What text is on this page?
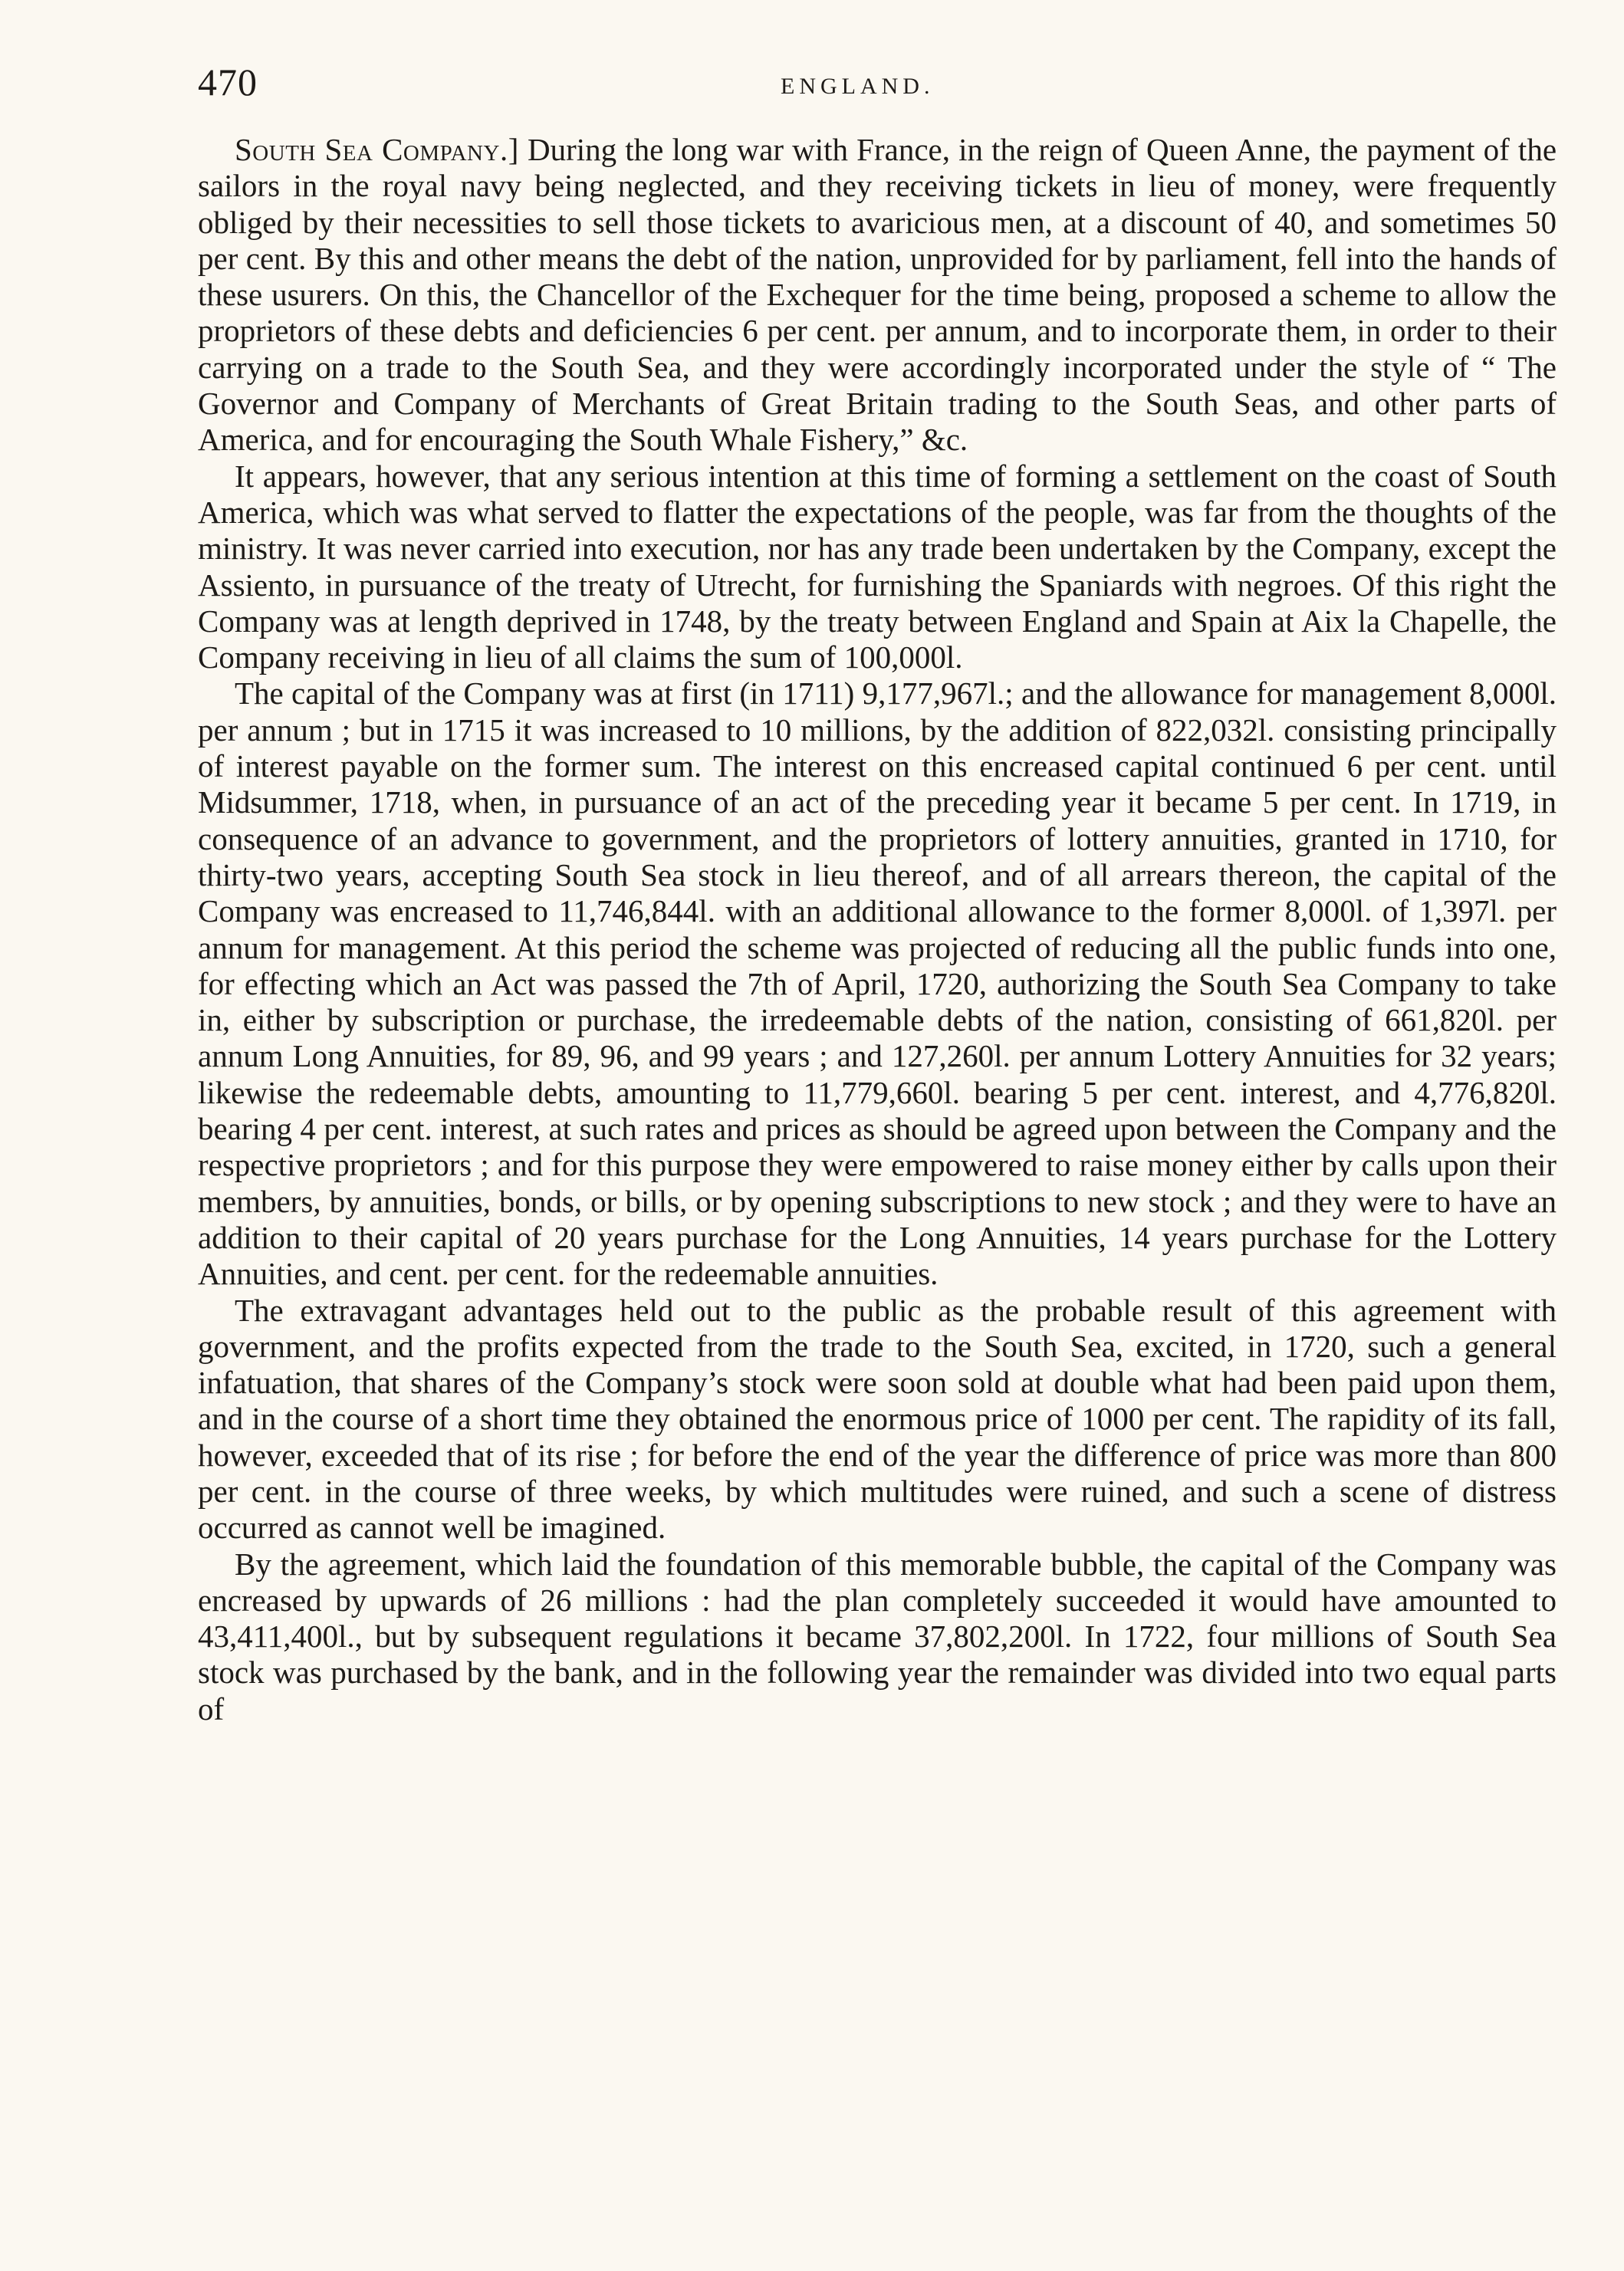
470	ENGLAND.

South Sea Company.] During the long war with France, in the reign of Queen Anne, the payment of the sailors in the royal navy being neglected, and they receiving tickets in lieu of money, were frequently obliged by their necessities to sell those tickets to avaricious men, at a discount of 40, and sometimes 50 per cent. By this and other means the debt of the nation, unprovided for by parliament, fell into the hands of these usurers. On this, the Chancellor of the Exchequer for the time being, proposed a scheme to allow the proprietors of these debts and deficiencies 6 per cent. per annum, and to incorporate them, in order to their carrying on a trade to the South Sea, and they were accordingly incorporated under the style of “ The Governor and Company of Merchants of Great Britain trading to the South Seas, and other parts of America, and for encouraging the South Whale Fishery,” &c.

It appears, however, that any serious intention at this time of forming a settlement on the coast of South America, which was what served to flatter the expectations of the people, was far from the thoughts of the ministry. It was never carried into execution, nor has any trade been undertaken by the Company, except the Assiento, in pursuance of the treaty of Utrecht, for furnishing the Spaniards with negroes. Of this right the Company was at length deprived in 1748, by the treaty between England and Spain at Aix la Chapelle, the Company receiving in lieu of all claims the sum of 100,000l.

The capital of the Company was at first (in 1711) 9,177,967l.; and the allowance for management 8,000l. per annum ; but in 1715 it was increased to 10 millions, by the addition of 822,032l. consisting principally of interest payable on the former sum. The interest on this encreased capital continued 6 per cent. until Midsummer, 1718, when, in pursuance of an act of the preceding year it became 5 per cent. In 1719, in consequence of an advance to government, and the proprietors of lottery annuities, granted in 1710, for thirty-two years, accepting South Sea stock in lieu thereof, and of all arrears thereon, the capital of the Company was encreased to 11,746,844l. with an additional allowance to the former 8,000l. of 1,397l. per annum for management. At this period the scheme was projected of reducing all the public funds into one, for effecting which an Act was passed the 7th of April, 1720, authorizing the South Sea Company to take in, either by subscription or purchase, the irredeemable debts of the nation, consisting of 661,820l. per annum Long Annuities, for 89, 96, and 99 years ; and 127,260l. per annum Lottery Annuities for 32 years; likewise the redeemable debts, amounting to 11,779,660l. bearing 5 per cent. interest, and 4,776,820l. bearing 4 per cent. interest, at such rates and prices as should be agreed upon between the Company and the respective proprietors ; and for this purpose they were empowered to raise money either by calls upon their members, by annuities, bonds, or bills, or by opening subscriptions to new stock ; and they were to have an addition to their capital of 20 years purchase for the Long Annuities, 14 years purchase for the Lottery Annuities, and cent. per cent. for the redeemable annuities.

The extravagant advantages held out to the public as the probable result of this agreement with government, and the profits expected from the trade to the South Sea, excited, in 1720, such a general infatuation, that shares of the Company’s stock were soon sold at double what had been paid upon them, and in the course of a short time they obtained the enormous price of 1000 per cent. The rapidity of its fall, however, exceeded that of its rise ; for before the end of the year the difference of price was more than 800 per cent. in the course of three weeks, by which multitudes were ruined, and such a scene of distress occurred as cannot well be imagined.

By the agreement, which laid the foundation of this memorable bubble, the capital of the Company was encreased by upwards of 26 millions : had the plan completely succeeded it would have amounted to 43,411,400l., but by subsequent regulations it became 37,802,200l. In 1722, four millions of South Sea stock was purchased by the bank, and in the following year the remainder was divided into two equal parts of
